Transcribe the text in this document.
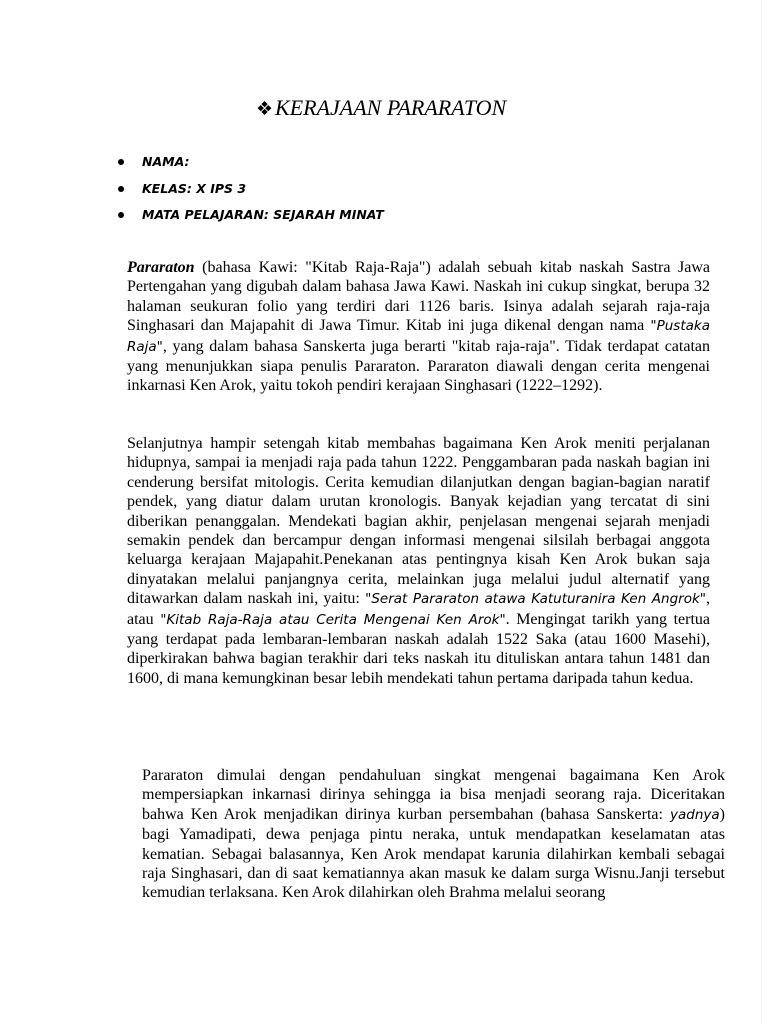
❖KERAJAAN PARARATON
NAMA:
KELAS: X IPS 3
MATA PELAJARAN: SEJARAH MINAT

Pararaton (bahasa Kawi: "Kitab Raja-Raja") adalah sebuah kitab naskah Sastra Jawa Pertengahan yang digubah dalam bahasa Jawa Kawi. Naskah ini cukup singkat, berupa 32 halaman seukuran folio yang terdiri dari 1126 baris. Isinya adalah sejarah raja-raja Singhasari dan Majapahit di Jawa Timur. Kitab ini juga dikenal dengan nama "Pustaka Raja", yang dalam bahasa Sanskerta juga berarti "kitab raja-raja". Tidak terdapat catatan yang menunjukkan siapa penulis Pararaton. Pararaton diawali dengan cerita mengenai inkarnasi Ken Arok, yaitu tokoh pendiri kerajaan Singhasari (1222–1292).

Selanjutnya hampir setengah kitab membahas bagaimana Ken Arok meniti perjalanan hidupnya, sampai ia menjadi raja pada tahun 1222. Penggambaran pada naskah bagian ini cenderung bersifat mitologis. Cerita kemudian dilanjutkan dengan bagian-bagian naratif pendek, yang diatur dalam urutan kronologis. Banyak kejadian yang tercatat di sini diberikan penanggalan. Mendekati bagian akhir, penjelasan mengenai sejarah menjadi semakin pendek dan bercampur dengan informasi mengenai silsilah berbagai anggota keluarga kerajaan Majapahit.Penekanan atas pentingnya kisah Ken Arok bukan saja dinyatakan melalui panjangnya cerita, melainkan juga melalui judul alternatif yang ditawarkan dalam naskah ini, yaitu: "Serat Pararaton atawa Katuturanira Ken Angrok", atau "Kitab Raja-Raja atau Cerita Mengenai Ken Arok". Mengingat tarikh yang tertua yang terdapat pada lembaran-lembaran naskah adalah 1522 Saka (atau 1600 Masehi), diperkirakan bahwa bagian terakhir dari teks naskah itu dituliskan antara tahun 1481 dan 1600, di mana kemungkinan besar lebih mendekati tahun pertama daripada tahun kedua.

Pararaton dimulai dengan pendahuluan singkat mengenai bagaimana Ken Arok mempersiapkan inkarnasi dirinya sehingga ia bisa menjadi seorang raja. Diceritakan bahwa Ken Arok menjadikan dirinya kurban persembahan (bahasa Sanskerta: yadnya) bagi Yamadipati, dewa penjaga pintu neraka, untuk mendapatkan keselamatan atas kematian. Sebagai balasannya, Ken Arok mendapat karunia dilahirkan kembali sebagai raja Singhasari, dan di saat kematiannya akan masuk ke dalam surga Wisnu.Janji tersebut kemudian terlaksana. Ken Arok dilahirkan oleh Brahma melalui seorang
